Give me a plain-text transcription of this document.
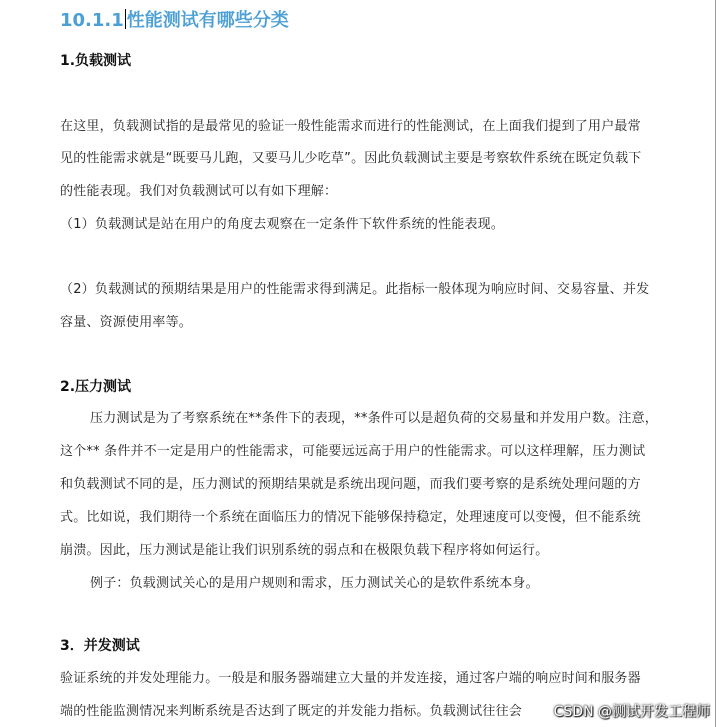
10.1.1 性能测试有哪些分类
1.负载测试
在这里，负载测试指的是最常见的验证一般性能需求而进行的性能测试，在上面我们提到了用户最常
见的性能需求就是“既要马儿跑，又要马儿少吃草”。因此负载测试主要是考察软件系统在既定负载下
的性能表现。我们对负载测试可以有如下理解：
（1）负载测试是站在用户的角度去观察在一定条件下软件系统的性能表现。
（2）负载测试的预期结果是用户的性能需求得到满足。此指标一般体现为响应时间、交易容量、并发
容量、资源使用率等。
2.压力测试
压力测试是为了考察系统在**条件下的表现，**条件可以是超负荷的交易量和并发用户数。注意，
这个** 条件并不一定是用户的性能需求，可能要远远高于用户的性能需求。可以这样理解，压力测试
和负载测试不同的是，压力测试的预期结果就是系统出现问题，而我们要考察的是系统处理问题的方
式。比如说，我们期待一个系统在面临压力的情况下能够保持稳定，处理速度可以变慢，但不能系统
崩溃。因此，压力测试是能让我们识别系统的弱点和在极限负载下程序将如何运行。
例子：负载测试关心的是用户规则和需求，压力测试关心的是软件系统本身。
3．并发测试
验证系统的并发处理能力。一般是和服务器端建立大量的并发连接，通过客户端的响应时间和服务器
端的性能监测情况来判断系统是否达到了既定的并发能力指标。负载测试往往会 CSDN @测试开发工程师
